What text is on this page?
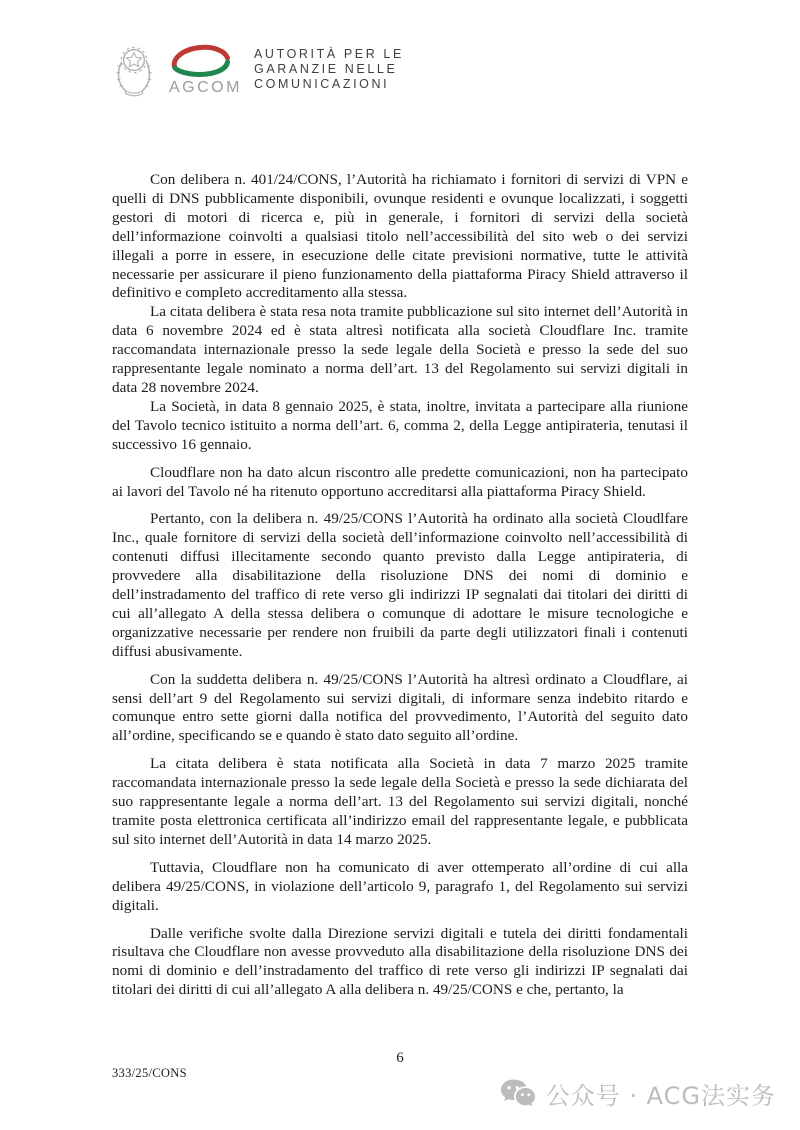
AGCOM
AUTORITÀ PER LE
GARANZIE NELLE
COMUNICAZIONI

Con delibera n. 401/24/CONS, l’Autorità ha richiamato i fornitori di servizi di VPN e quelli di DNS pubblicamente disponibili, ovunque residenti e ovunque localizzati, i soggetti gestori di motori di ricerca e, più in generale, i fornitori di servizi della società dell’informazione coinvolti a qualsiasi titolo nell’accessibilità del sito web o dei servizi illegali a porre in essere, in esecuzione delle citate previsioni normative, tutte le attività necessarie per assicurare il pieno funzionamento della piattaforma Piracy Shield attraverso il definitivo e completo accreditamento alla stessa.

La citata delibera è stata resa nota tramite pubblicazione sul sito internet dell’Autorità in data 6 novembre 2024 ed è stata altresì notificata alla società Cloudflare Inc. tramite raccomandata internazionale presso la sede legale della Società e presso la sede del suo rappresentante legale nominato a norma dell’art. 13 del Regolamento sui servizi digitali in data 28 novembre 2024.

La Società, in data 8 gennaio 2025, è stata, inoltre, invitata a partecipare alla riunione del Tavolo tecnico istituito a norma dell’art. 6, comma 2, della Legge antipirateria, tenutasi il successivo 16 gennaio.

Cloudflare non ha dato alcun riscontro alle predette comunicazioni, non ha partecipato ai lavori del Tavolo né ha ritenuto opportuno accreditarsi alla piattaforma Piracy Shield.

Pertanto, con la delibera n. 49/25/CONS l’Autorità ha ordinato alla società Cloudlfare Inc., quale fornitore di servizi della società dell’informazione coinvolto nell’accessibilità di contenuti diffusi illecitamente secondo quanto previsto dalla Legge antipirateria, di provvedere alla disabilitazione della risoluzione DNS dei nomi di dominio e dell’instradamento del traffico di rete verso gli indirizzi IP segnalati dai titolari dei diritti di cui all’allegato A della stessa delibera o comunque di adottare le misure tecnologiche e organizzative necessarie per rendere non fruibili da parte degli utilizzatori finali i contenuti diffusi abusivamente.

Con la suddetta delibera n. 49/25/CONS l’Autorità ha altresì ordinato a Cloudflare, ai sensi dell’art 9 del Regolamento sui servizi digitali, di informare senza indebito ritardo e comunque entro sette giorni dalla notifica del provvedimento, l’Autorità del seguito dato all’ordine, specificando se e quando è stato dato seguito all’ordine.

La citata delibera è stata notificata alla Società in data 7 marzo 2025 tramite raccomandata internazionale presso la sede legale della Società e presso la sede dichiarata del suo rappresentante legale a norma dell’art. 13 del Regolamento sui servizi digitali, nonché tramite posta elettronica certificata all’indirizzo email del rappresentante legale, e pubblicata sul sito internet dell’Autorità in data 14 marzo 2025.

Tuttavia, Cloudflare non ha comunicato di aver ottemperato all’ordine di cui alla delibera 49/25/CONS, in violazione dell’articolo 9, paragrafo 1, del Regolamento sui servizi digitali.

Dalle verifiche svolte dalla Direzione servizi digitali e tutela dei diritti fondamentali risultava che Cloudflare non avesse provveduto alla disabilitazione della risoluzione DNS dei nomi di dominio e dell’instradamento del traffico di rete verso gli indirizzi IP segnalati dai titolari dei diritti di cui all’allegato A alla delibera n. 49/25/CONS e che, pertanto, la

6
333/25/CONS
公众号 · ACG法实务
